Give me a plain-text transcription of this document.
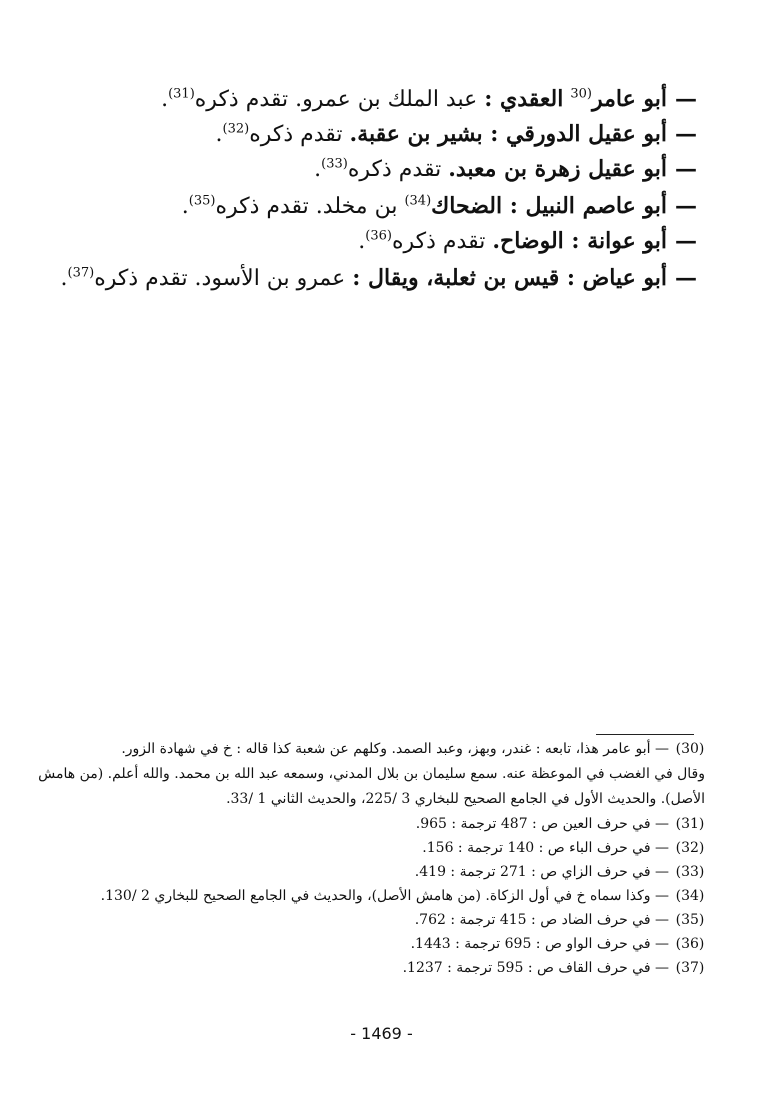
—أبو عامر$^{(30}$ العقدي : عبد الملك بن عمرو. تقدم ذكره$^{(31)}$.
—أبو عقيل الدورقي : بشير بن عقبة. تقدم ذكره$^{(32)}$.
—أبو عقيل زهرة بن معبد. تقدم ذكره$^{(33)}$.
—أبو عاصم النبيل : الضحاك$^{(34)}$ بن مخلد. تقدم ذكره$^{(35)}$.
—أبو عوانة : الوضاح. تقدم ذكره$^{(36)}$.
—أبو عياض : قيس بن ثعلبة، ويقال : عمرو بن الأسود. تقدم ذكره$^{(37)}$.
(30)— أبو عامر هذا، تابعه : غندر، وبهز، وعبد الصمد. وكلهم عن شعبة كذا قاله : خ في شهادة الزور.
وقال في الغضب في الموعظة عنه. سمع سليمان بن بلال المدني، وسمعه عبد الله بن محمد. والله أعلم. (من هامش
الأصل). والحديث الأول في الجامع الصحيح للبخاري 3 /225، والحديث الثاني 1 /33.
(31)— في حرف العين ص : 487 ترجمة : 965.
(32)— في حرف الباء ص : 140 ترجمة : 156.
(33)— في حرف الزاي ص : 271 ترجمة : 419.
(34)— وكذا سماه خ في أول الزكاة. (من هامش الأصل)، والحديث في الجامع الصحيح للبخاري 2 /130.
(35)— في حرف الضاد ص : 415 ترجمة : 762.
(36)— في حرف الواو ص : 695 ترجمة : 1443.
(37)— في حرف القاف ص : 595 ترجمة : 1237.
- 1469 -
